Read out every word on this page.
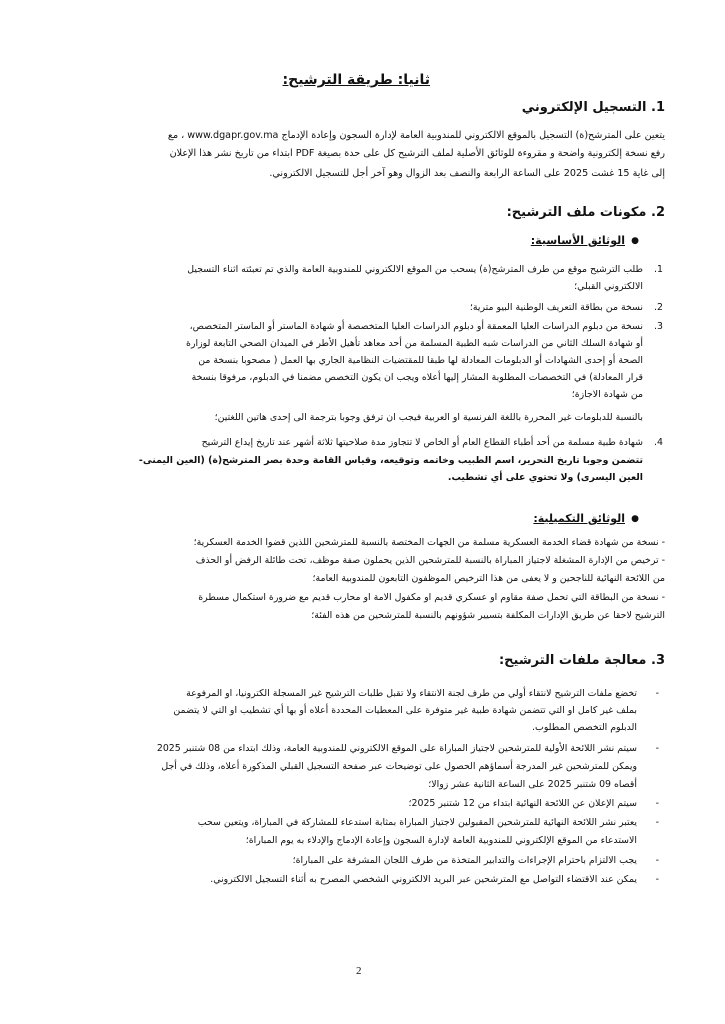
ثانيا: طريقة الترشيح:
1. التسجيل الإلكتروني
يتعين على المترشح(ة) التسجيل بالموقع الالكتروني للمندوبية العامة لإدارة السجون وإعادة الإدماج www.dgapr.gov.ma ، مع
رفع نسخة إلكترونية واضحة و مقروءة للوثائق الأصلية لملف الترشيح كل على حدة بصيغة PDF ابتداء من تاريخ نشر هذا الإعلان
إلى غاية 15 غشت 2025 على الساعة الرابعة والنصف بعد الزوال وهو آخر أجل للتسجيل الالكتروني.
2. مكونات ملف الترشيح:
●
الوثائق الأساسية:
1.
طلب الترشيح موقع من طرف المترشح(ة) يسحب من الموقع الالكتروني للمندوبية العامة والذي تم تعبئته اثناء التسجيل
الالكتروني القبلي؛
2.
نسخة من بطاقة التعريف الوطنية البيو مترية؛
3.
نسخة من دبلوم الدراسات العليا المعمقة أو دبلوم الدراسات العليا المتخصصة أو شهادة الماستر أو الماستر المتخصص،
أو شهادة السلك الثاني من الدراسات شبه الطبية المسلمة من أحد معاهد تأهيل الأطر في الميدان الصحي التابعة لوزارة
الصحة أو إحدى الشهادات أو الدبلومات المعادلة لها طبقا للمقتضيات النظامية الجاري بها العمل ( مصحوبا بنسخة من
قرار المعادلة) في التخصصات المطلوبة المشار إليها أعلاه ويجب ان يكون التخصص مضمنا في الدبلوم، مرفوقا بنسخة
من شهادة الاجازة؛
بالنسبة للدبلومات غير المحررة باللغة الفرنسية او العربية فيجب ان ترفق وجوبا بترجمة الى إحدى هاتين اللغتين؛
4.
شهادة طبية مسلمة من أحد أطباء القطاع العام أو الخاص لا تتجاوز مدة صلاحيتها ثلاثة أشهر عند تاريخ إيداع الترشيح
تتضمن وجوبا تاريخ التحرير، اسم الطبيب وخاتمه وتوقيعه، وقياس القامة وحدة بصر المترشح(ة) (العين اليمنى-
العين اليسرى) ولا تحتوي على أي تشطيب.
●
الوثائق التكميلية:
- نسخة من شهادة قضاء الخدمة العسكرية مسلمة من الجهات المختصة بالنسبة للمترشحين اللذين قضوا الخدمة العسكرية؛
- ترخيص من الإدارة المشغلة لاجتياز المباراة بالنسبة للمترشحين الذين يحملون صفة موظف، تحت طائلة الرفض أو الحذف
من اللائحة النهائية للناجحين و لا يعفى من هذا الترخيص الموظفون التابعون للمندوبية العامة؛
- نسخة من البطاقة التي تحمل صفة مقاوم او عسكري قديم او مكفول الامة او محارب قديم مع ضرورة استكمال مسطرة
الترشيح لاحقا عن طريق الإدارات المكلفة بتسيير شؤونهم بالنسبة للمترشحين من هذه الفئة؛
3. معالجة ملفات الترشيح:
-
تخضع ملفات الترشيح لانتقاء أولي من طرف لجنة الانتقاء ولا تقبل طلبات الترشيح غير المسجلة الكترونيا، او المرفوعة
بملف غير كامل او التي تتضمن شهادة طبية غير متوفرة على المعطيات المحددة أعلاه أو بها أي تشطيب او التي لا يتضمن
الدبلوم التخصص المطلوب.
-
سيتم نشر اللائحة الأولية للمترشحين لاجتياز المباراة على الموقع الالكتروني للمندوبية العامة، وذلك ابتداء من 08 شتنبر 2025
ويمكن للمترشحين غير المدرجة أسماؤهم الحصول على توضيحات عبر صفحة التسجيل القبلي المذكورة أعلاه، وذلك في أجل
أقصاه 09 شتنبر 2025 على الساعة الثانية عشر زوالا؛
-
سيتم الإعلان عن اللائحة النهائية ابتداء من 12 شتنبر 2025؛
-
يعتبر نشر اللائحة النهائية للمترشحين المقبولين لاجتياز المباراة بمثابة استدعاء للمشاركة في المباراة، ويتعين سحب
الاستدعاء من الموقع الإلكتروني للمندوبية العامة لإدارة السجون وإعادة الإدماج والإدلاء به يوم المباراة؛
-
يجب الالتزام باحترام الإجراءات والتدابير المتخذة من طرف اللجان المشرفة على المباراة؛
-
يمكن عند الاقتضاء التواصل مع المترشحين عبر البريد الالكتروني الشخصي المصرح به أثناء التسجيل الالكتروني.
2
